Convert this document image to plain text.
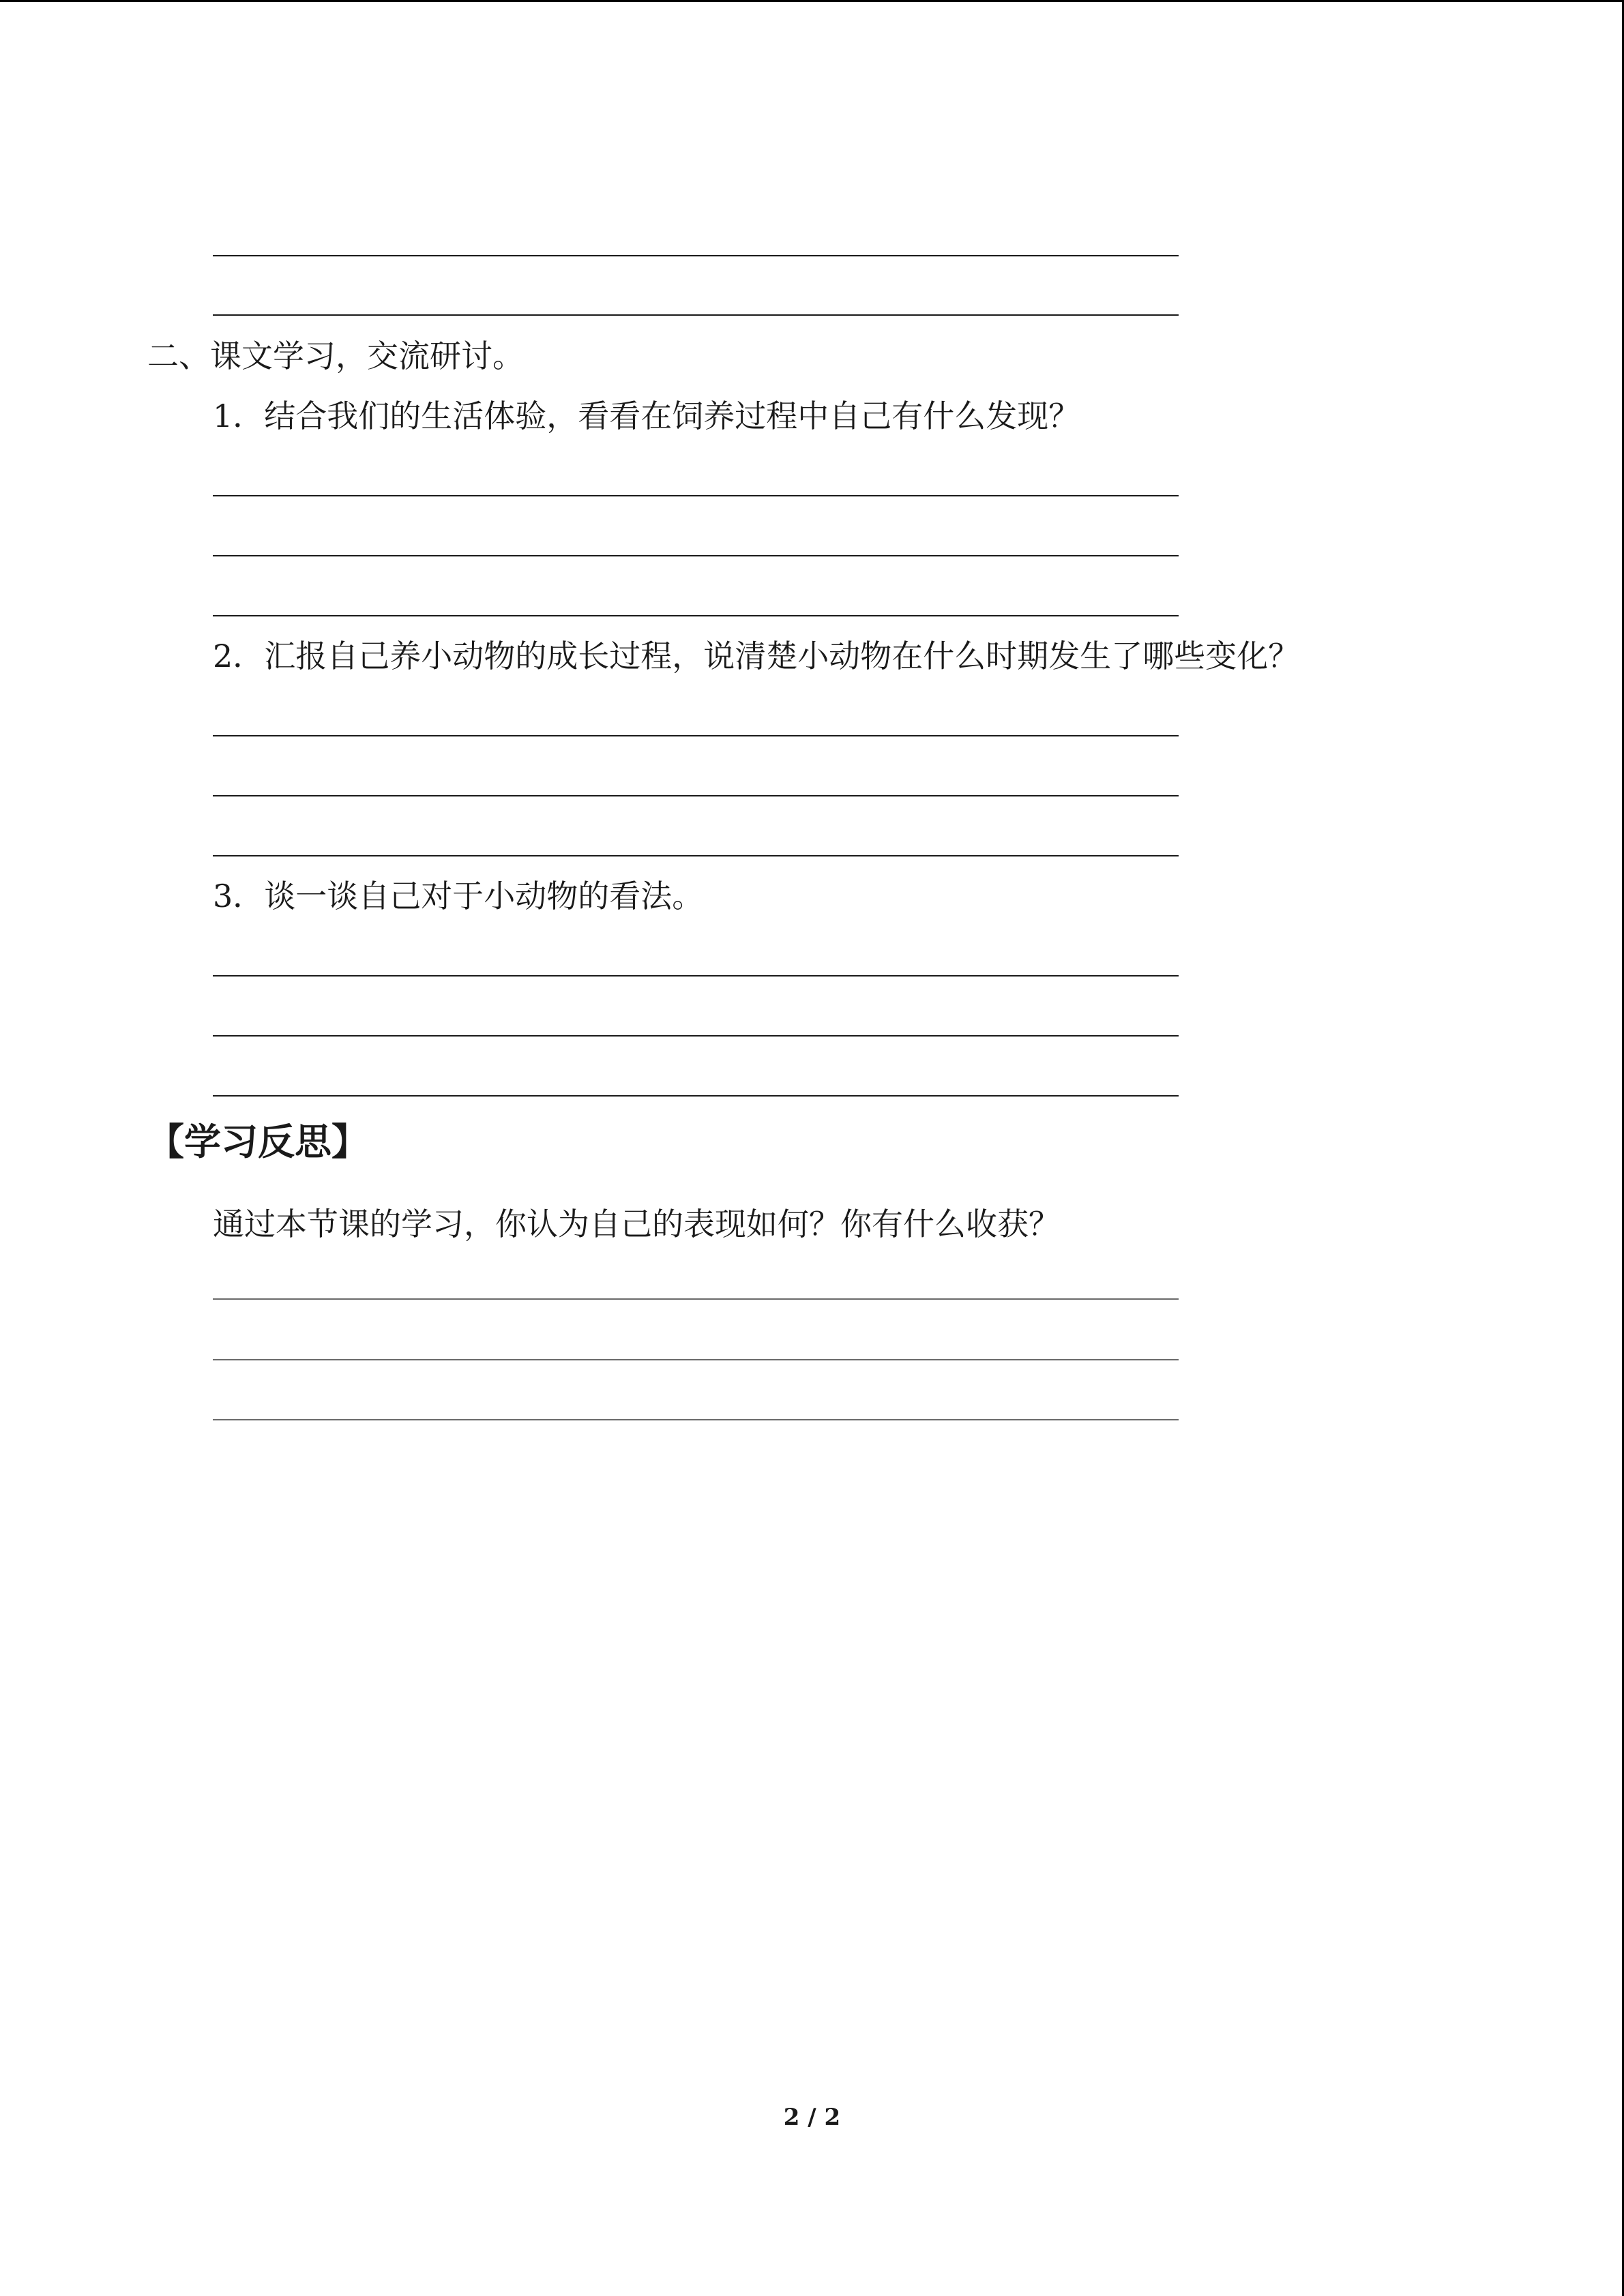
二、课文学习，交流研讨。
1．结合我们的生活体验，看看在饲养过程中自己有什么发现？
2．汇报自己养小动物的成长过程，说清楚小动物在什么时期发生了哪些变化？
3．谈一谈自己对于小动物的看法。
【学习反思】
通过本节课的学习，你认为自己的表现如何？你有什么收获？
2 / 2
